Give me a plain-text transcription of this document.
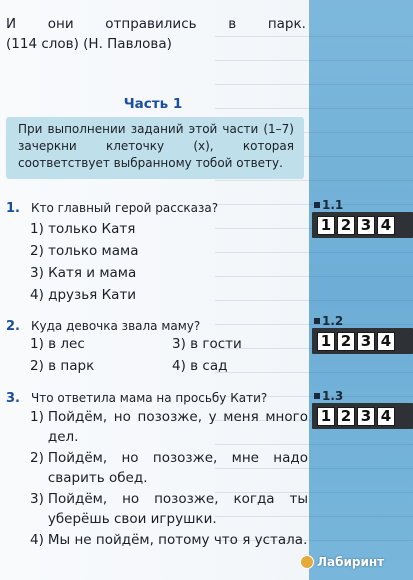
И они отправились в парк.
(114 слов) (Н. Павлова)
Часть 1
При выполнении заданий этой части (1–7) зачеркни клеточку (х), которая соответствует выбранному тобой ответу.
1. Кто главный герой рассказа?
1) только Катя
2) только мама
3) Катя и мама
4) друзья Кати
2. Куда девочка звала маму?
1) в лес	3) в гости
2) в парк	4) в сад
3. Что ответила мама на просьбу Кати?
1) Пойдём, но позозже, у меня много дел.
2) Пойдём, но позозже, мне надо сварить обед.
3) Пойдём, но позозже, когда ты уберёшь свои игрушки.
4) Мы не пойдём, потому что я устала.
1.1
1 2 3 4
1.2
1 2 3 4
1.3
1 2 3 4
Лабиринт
